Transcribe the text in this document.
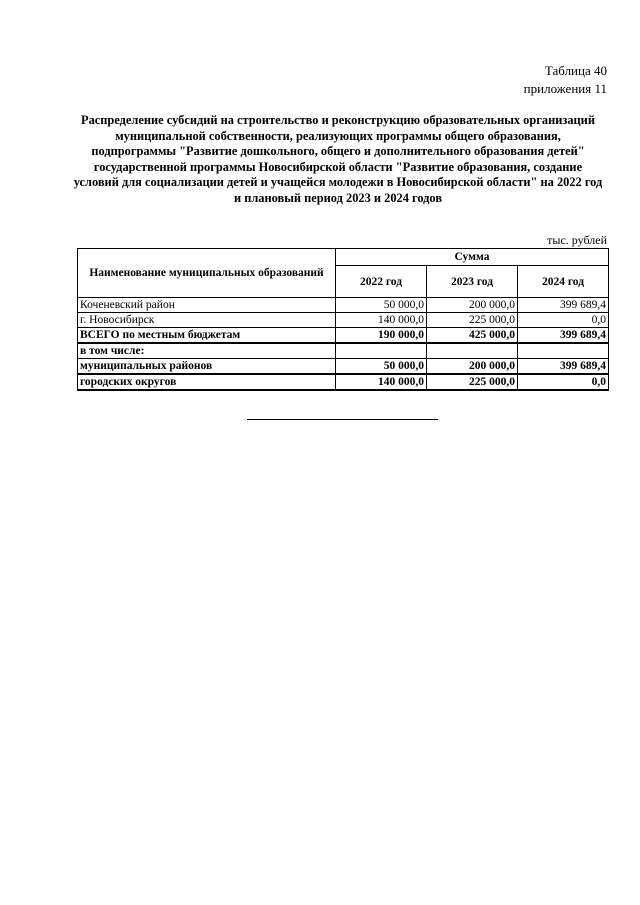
Таблица 40
приложения 11
Распределение субсидий на строительство и реконструкцию образовательных организаций
муниципальной собственности, реализующих программы общего образования,
подпрограммы "Развитие дошкольного, общего и дополнительного образования детей"
государственной программы Новосибирской области "Развитие образования, создание
условий для социализации детей и учащейся молодежи в Новосибирской области" на 2022 год
и плановый период 2023 и 2024 годов
тыс. рублей
Наименование муниципальных образований	Сумма		
	2022 год	2023 год	2024 год
Коченевский район	50 000,0	200 000,0	399 689,4
г. Новосибирск	140 000,0	225 000,0	0,0
ВСЕГО по местным бюджетам	190 000,0	425 000,0	399 689,4
в том числе:			
муниципальных районов	50 000,0	200 000,0	399 689,4
городских округов	140 000,0	225 000,0	0,0
